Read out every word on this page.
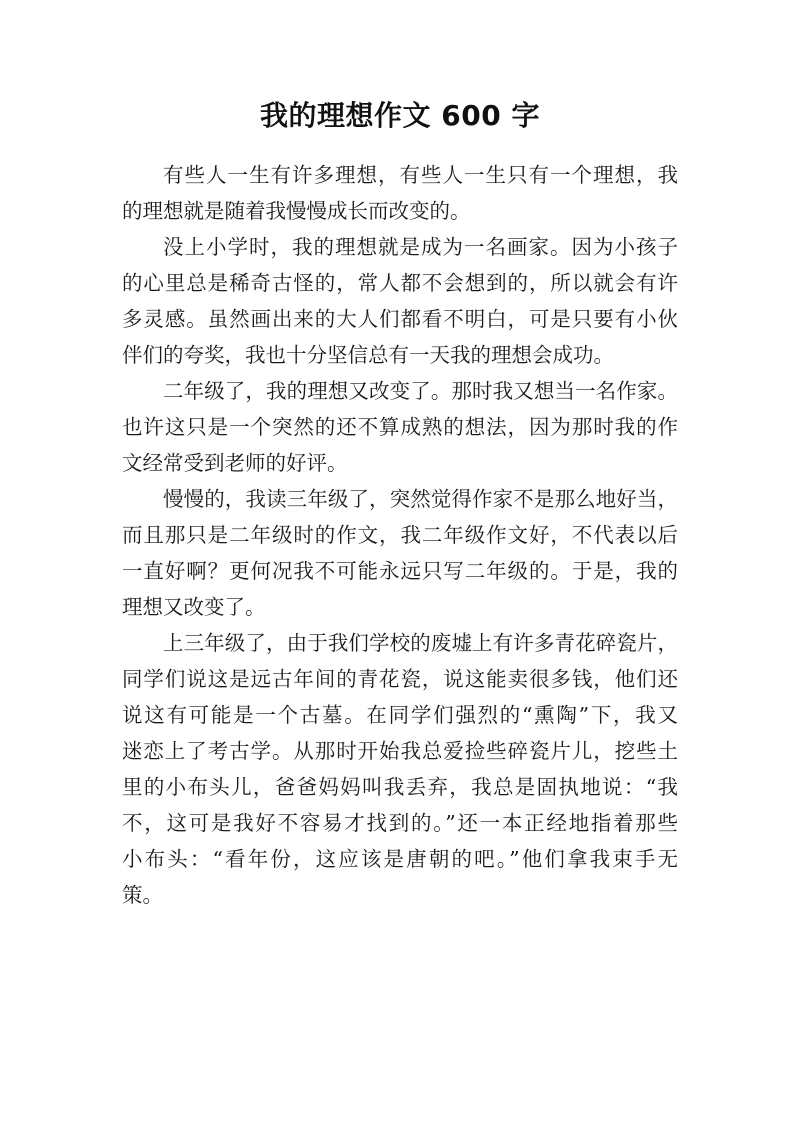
我的理想作文 600 字
有些人一生有许多理想，有些人一生只有一个理想，我
的理想就是随着我慢慢成长而改变的。
没上小学时，我的理想就是成为一名画家。因为小孩子
的心里总是稀奇古怪的，常人都不会想到的，所以就会有许
多灵感。虽然画出来的大人们都看不明白，可是只要有小伙
伴们的夸奖，我也十分坚信总有一天我的理想会成功。
二年级了，我的理想又改变了。那时我又想当一名作家。
也许这只是一个突然的还不算成熟的想法，因为那时我的作
文经常受到老师的好评。
慢慢的，我读三年级了，突然觉得作家不是那么地好当，
而且那只是二年级时的作文，我二年级作文好，不代表以后
一直好啊？更何况我不可能永远只写二年级的。于是，我的
理想又改变了。
上三年级了，由于我们学校的废墟上有许多青花碎瓷片，
同学们说这是远古年间的青花瓷，说这能卖很多钱，他们还
说这有可能是一个古墓。在同学们强烈的“熏陶”下，我又
迷恋上了考古学。从那时开始我总爱捡些碎瓷片儿，挖些土
里的小布头儿，爸爸妈妈叫我丢弃，我总是固执地说：“我
不，这可是我好不容易才找到的。”还一本正经地指着那些
小布头：“看年份，这应该是唐朝的吧。”他们拿我束手无
策。
